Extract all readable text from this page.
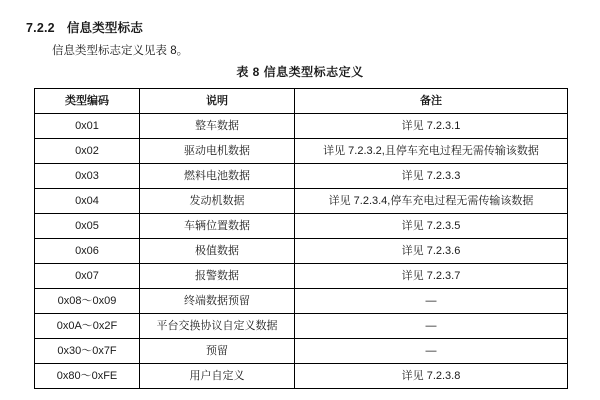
7.2.2 信息类型标志
信息类型标志定义见表 8。
表 8 信息类型标志定义
类型编码	说明	备注
0x01	整车数据	详见 7.2.3.1
0x02	驱动电机数据	详见 7.2.3.2,且停车充电过程无需传输该数据
0x03	燃料电池数据	详见 7.2.3.3
0x04	发动机数据	详见 7.2.3.4,停车充电过程无需传输该数据
0x05	车辆位置数据	详见 7.2.3.5
0x06	极值数据	详见 7.2.3.6
0x07	报警数据	详见 7.2.3.7
0x08～0x09	终端数据预留	—
0x0A～0x2F	平台交换协议自定义数据	—
0x30～0x7F	预留	—
0x80～0xFE	用户自定义	详见 7.2.3.8
